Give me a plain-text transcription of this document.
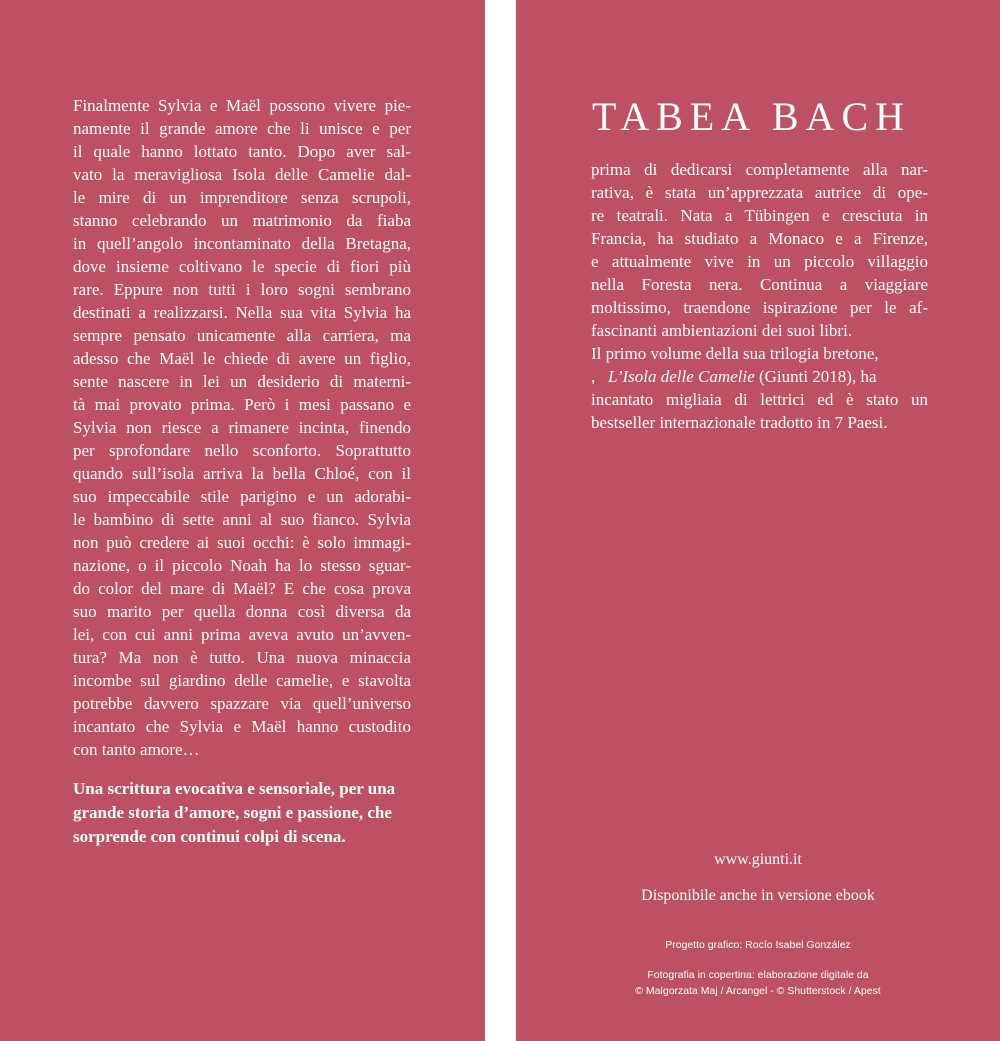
Finalmente Sylvia e Maël possono vivere pie-
namente il grande amore che li unisce e per
il quale hanno lottato tanto. Dopo aver sal-
vato la meravigliosa Isola delle Camelie dal-
le mire di un imprenditore senza scrupoli,
stanno celebrando un matrimonio da fiaba
in quell’angolo incontaminato della Bretagna,
dove insieme coltivano le specie di fiori più
rare. Eppure non tutti i loro sogni sembrano
destinati a realizzarsi. Nella sua vita Sylvia ha
sempre pensato unicamente alla carriera, ma
adesso che Maël le chiede di avere un figlio,
sente nascere in lei un desiderio di materni-
tà mai provato prima. Però i mesi passano e
Sylvia non riesce a rimanere incinta, finendo
per sprofondare nello sconforto. Soprattutto
quando sull’isola arriva la bella Chloé, con il
suo impeccabile stile parigino e un adorabi-
le bambino di sette anni al suo fianco. Sylvia
non può credere ai suoi occhi: è solo immagi-
nazione, o il piccolo Noah ha lo stesso sguar-
do color del mare di Maël? E che cosa prova
suo marito per quella donna così diversa da
lei, con cui anni prima aveva avuto un’avven-
tura? Ma non è tutto. Una nuova minaccia
incombe sul giardino delle camelie, e stavolta
potrebbe davvero spazzare via quell’universo
incantato che Sylvia e Maël hanno custodito
con tanto amore…
Una scrittura evocativa e sensoriale, per una
grande storia d’amore, sogni e passione, che
sorprende con continui colpi di scena.
TABEA BACH
prima di dedicarsi completamente alla nar-
rativa, è stata un’apprezzata autrice di ope-
re teatrali. Nata a Tübingen e cresciuta in
Francia, ha studiato a Monaco e a Firenze,
e attualmente vive in un piccolo villaggio
nella Foresta nera. Continua a viaggiare
moltissimo, traendone ispirazione per le af-
fascinanti ambientazioni dei suoi libri.
Il primo volume della sua trilogia bretone,
L’Isola delle Camelie (Giunti 2018), ha
,
incantato migliaia di lettrici ed è stato un
bestseller internazionale tradotto in 7 Paesi.
www.giunti.it
Disponibile anche in versione ebook
Progetto grafico: Rocío Isabel González
Fotografia in copertina: elaborazione digitale da
© Malgorzata Maj / Arcangel - © Shutterstock / Apest
